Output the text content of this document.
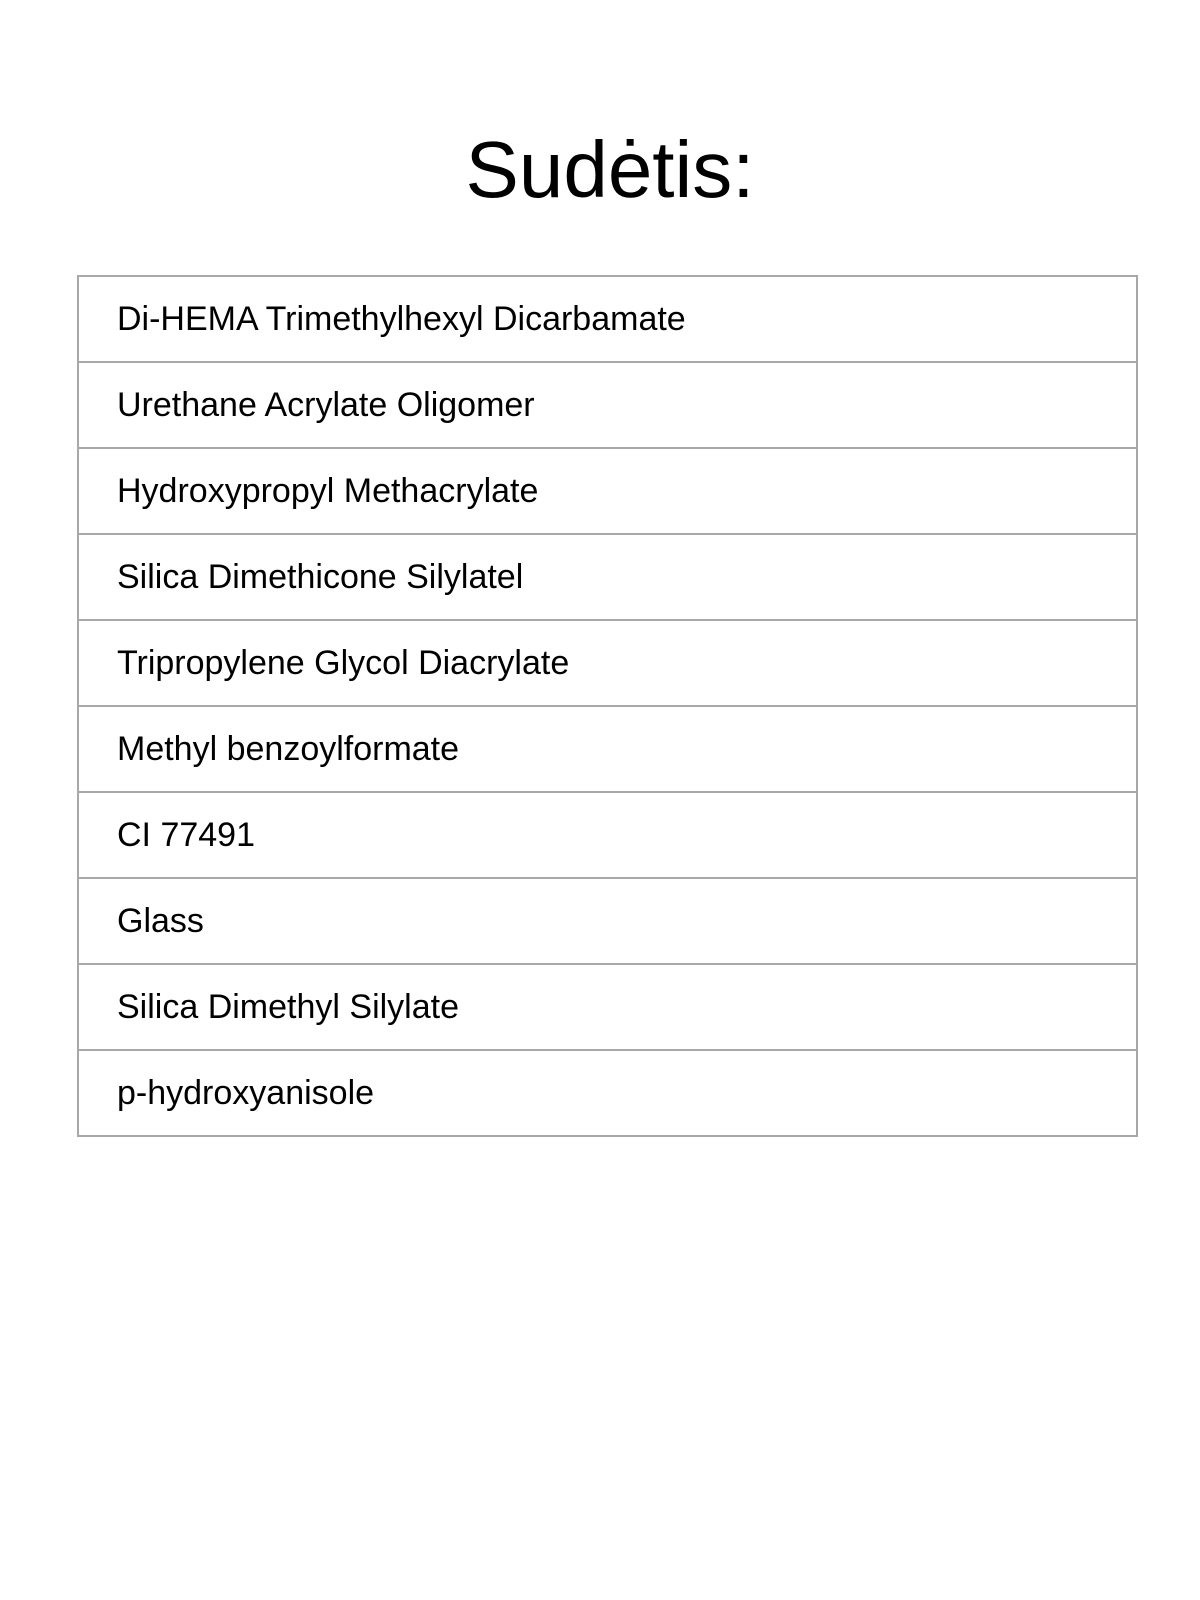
Sudėtis:
Di-HEMA Trimethylhexyl Dicarbamate
Urethane Acrylate Oligomer
Hydroxypropyl Methacrylate
Silica Dimethicone Silylatel
Tripropylene Glycol Diacrylate
Methyl benzoylformate
CI 77491
Glass
Silica Dimethyl Silylate
p-hydroxyanisole
